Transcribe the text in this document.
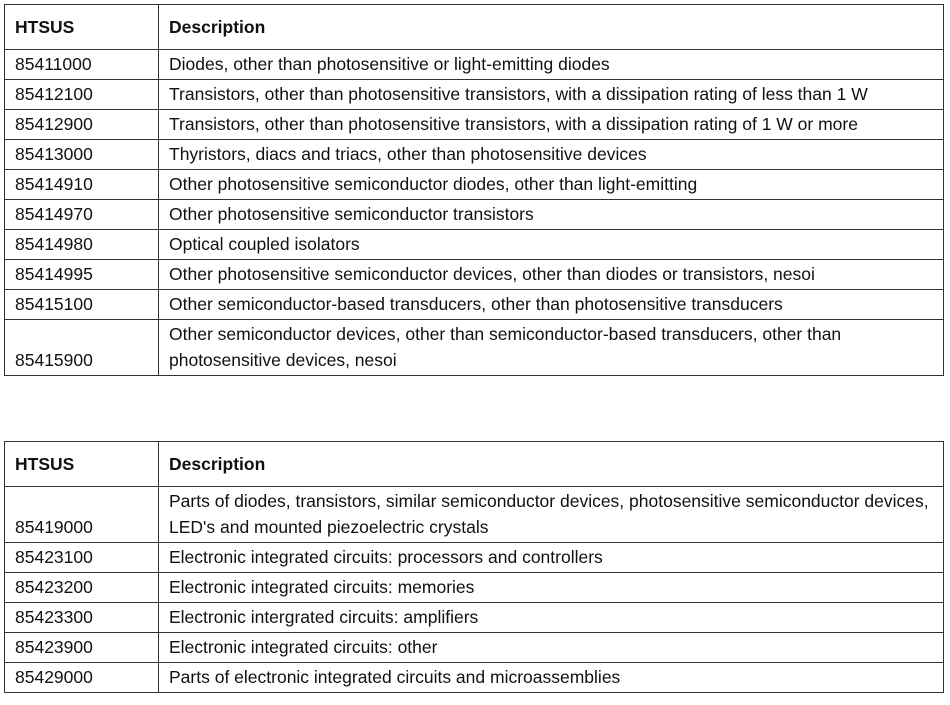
HTSUS	Description
85411000	Diodes, other than photosensitive or light-emitting diodes
85412100	Transistors, other than photosensitive transistors, with a dissipation rating of less than 1 W
85412900	Transistors, other than photosensitive transistors, with a dissipation rating of 1 W or more
85413000	Thyristors, diacs and triacs, other than photosensitive devices
85414910	Other photosensitive semiconductor diodes, other than light-emitting
85414970	Other photosensitive semiconductor transistors
85414980	Optical coupled isolators
85414995	Other photosensitive semiconductor devices, other than diodes or transistors, nesoi
85415100	Other semiconductor-based transducers, other than photosensitive transducers
85415900	Other semiconductor devices, other than semiconductor-based transducers, other than photosensitive devices, nesoi
HTSUS	Description
85419000	Parts of diodes, transistors, similar semiconductor devices, photosensitive semiconductor devices, LED's and mounted piezoelectric crystals
85423100	Electronic integrated circuits: processors and controllers
85423200	Electronic integrated circuits: memories
85423300	Electronic intergrated circuits: amplifiers
85423900	Electronic integrated circuits: other
85429000	Parts of electronic integrated circuits and microassemblies
